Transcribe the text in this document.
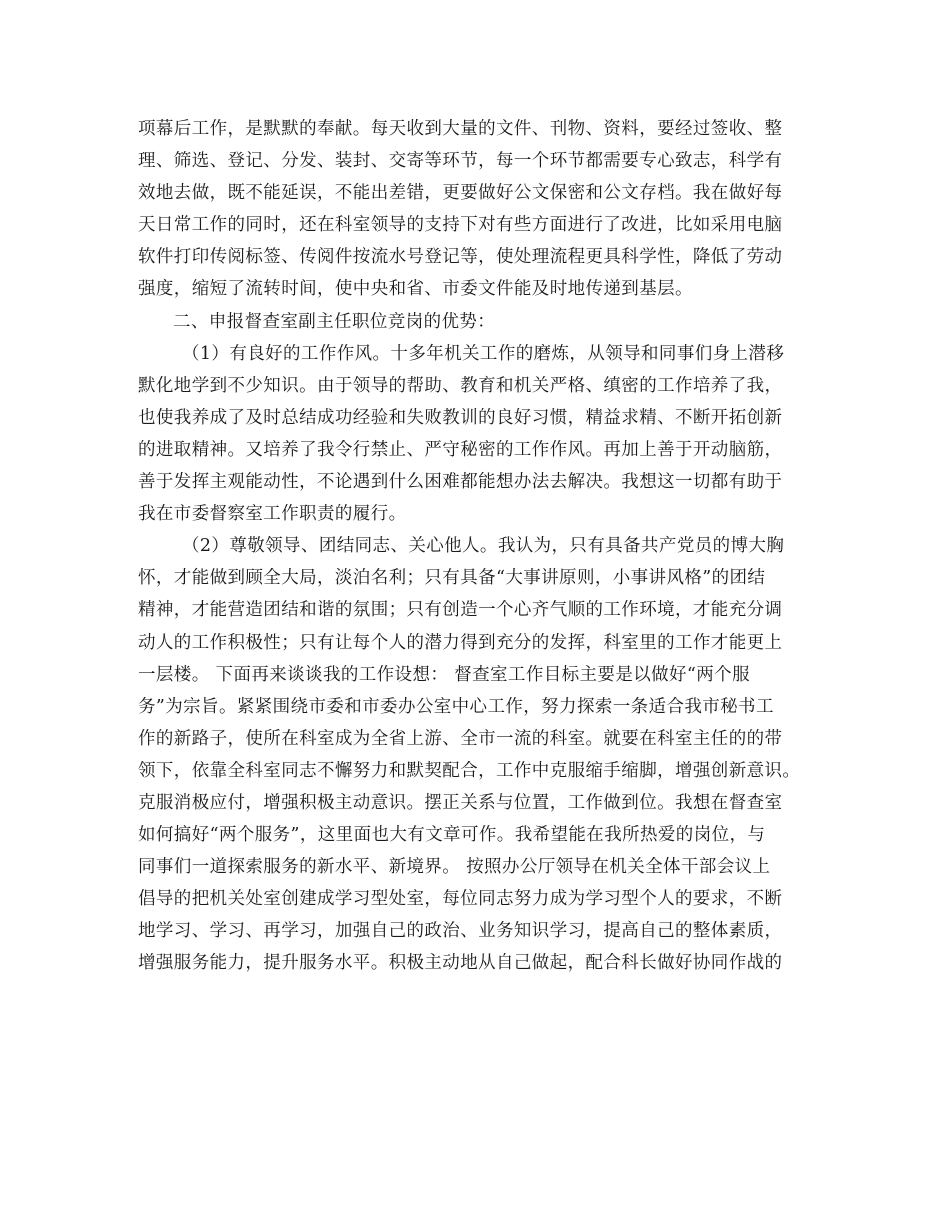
项幕后工作，是默默的奉献。每天收到大量的文件、刊物、资料，要经过签收、整
理、筛选、登记、分发、装封、交寄等环节，每一个环节都需要专心致志，科学有
效地去做，既不能延误，不能出差错，更要做好公文保密和公文存档。我在做好每
天日常工作的同时，还在科室领导的支持下对有些方面进行了改进，比如采用电脑
软件打印传阅标签、传阅件按流水号登记等，使处理流程更具科学性，降低了劳动
强度，缩短了流转时间，使中央和省、市委文件能及时地传递到基层。
二、申报督查室副主任职位竞岗的优势：
（1）有良好的工作作风。十多年机关工作的磨炼，从领导和同事们身上潜移
默化地学到不少知识。由于领导的帮助、教育和机关严格、缜密的工作培养了我，
也使我养成了及时总结成功经验和失败教训的良好习惯，精益求精、不断开拓创新
的进取精神。又培养了我令行禁止、严守秘密的工作作风。再加上善于开动脑筋，
善于发挥主观能动性，不论遇到什么困难都能想办法去解决。我想这一切都有助于
我在市委督察室工作职责的履行。
（2）尊敬领导、团结同志、关心他人。我认为，只有具备共产党员的博大胸
怀，才能做到顾全大局，淡泊名利；只有具备“大事讲原则，小事讲风格”的团结
精神，才能营造团结和谐的氛围；只有创造一个心齐气顺的工作环境，才能充分调
动人的工作积极性；只有让每个人的潜力得到充分的发挥，科室里的工作才能更上
一层楼。 下面再来谈谈我的工作设想： 督查室工作目标主要是以做好“两个服
务”为宗旨。紧紧围绕市委和市委办公室中心工作，努力探索一条适合我市秘书工
作的新路子，使所在科室成为全省上游、全市一流的科室。就要在科室主任的的带
领下，依靠全科室同志不懈努力和默契配合，工作中克服缩手缩脚，增强创新意识。
克服消极应付，增强积极主动意识。摆正关系与位置，工作做到位。我想在督查室
如何搞好“两个服务”，这里面也大有文章可作。我希望能在我所热爱的岗位，与
同事们一道探索服务的新水平、新境界。 按照办公厅领导在机关全体干部会议上
倡导的把机关处室创建成学习型处室，每位同志努力成为学习型个人的要求，不断
地学习、学习、再学习，加强自己的政治、业务知识学习，提高自己的整体素质，
增强服务能力，提升服务水平。积极主动地从自己做起，配合科长做好协同作战的
